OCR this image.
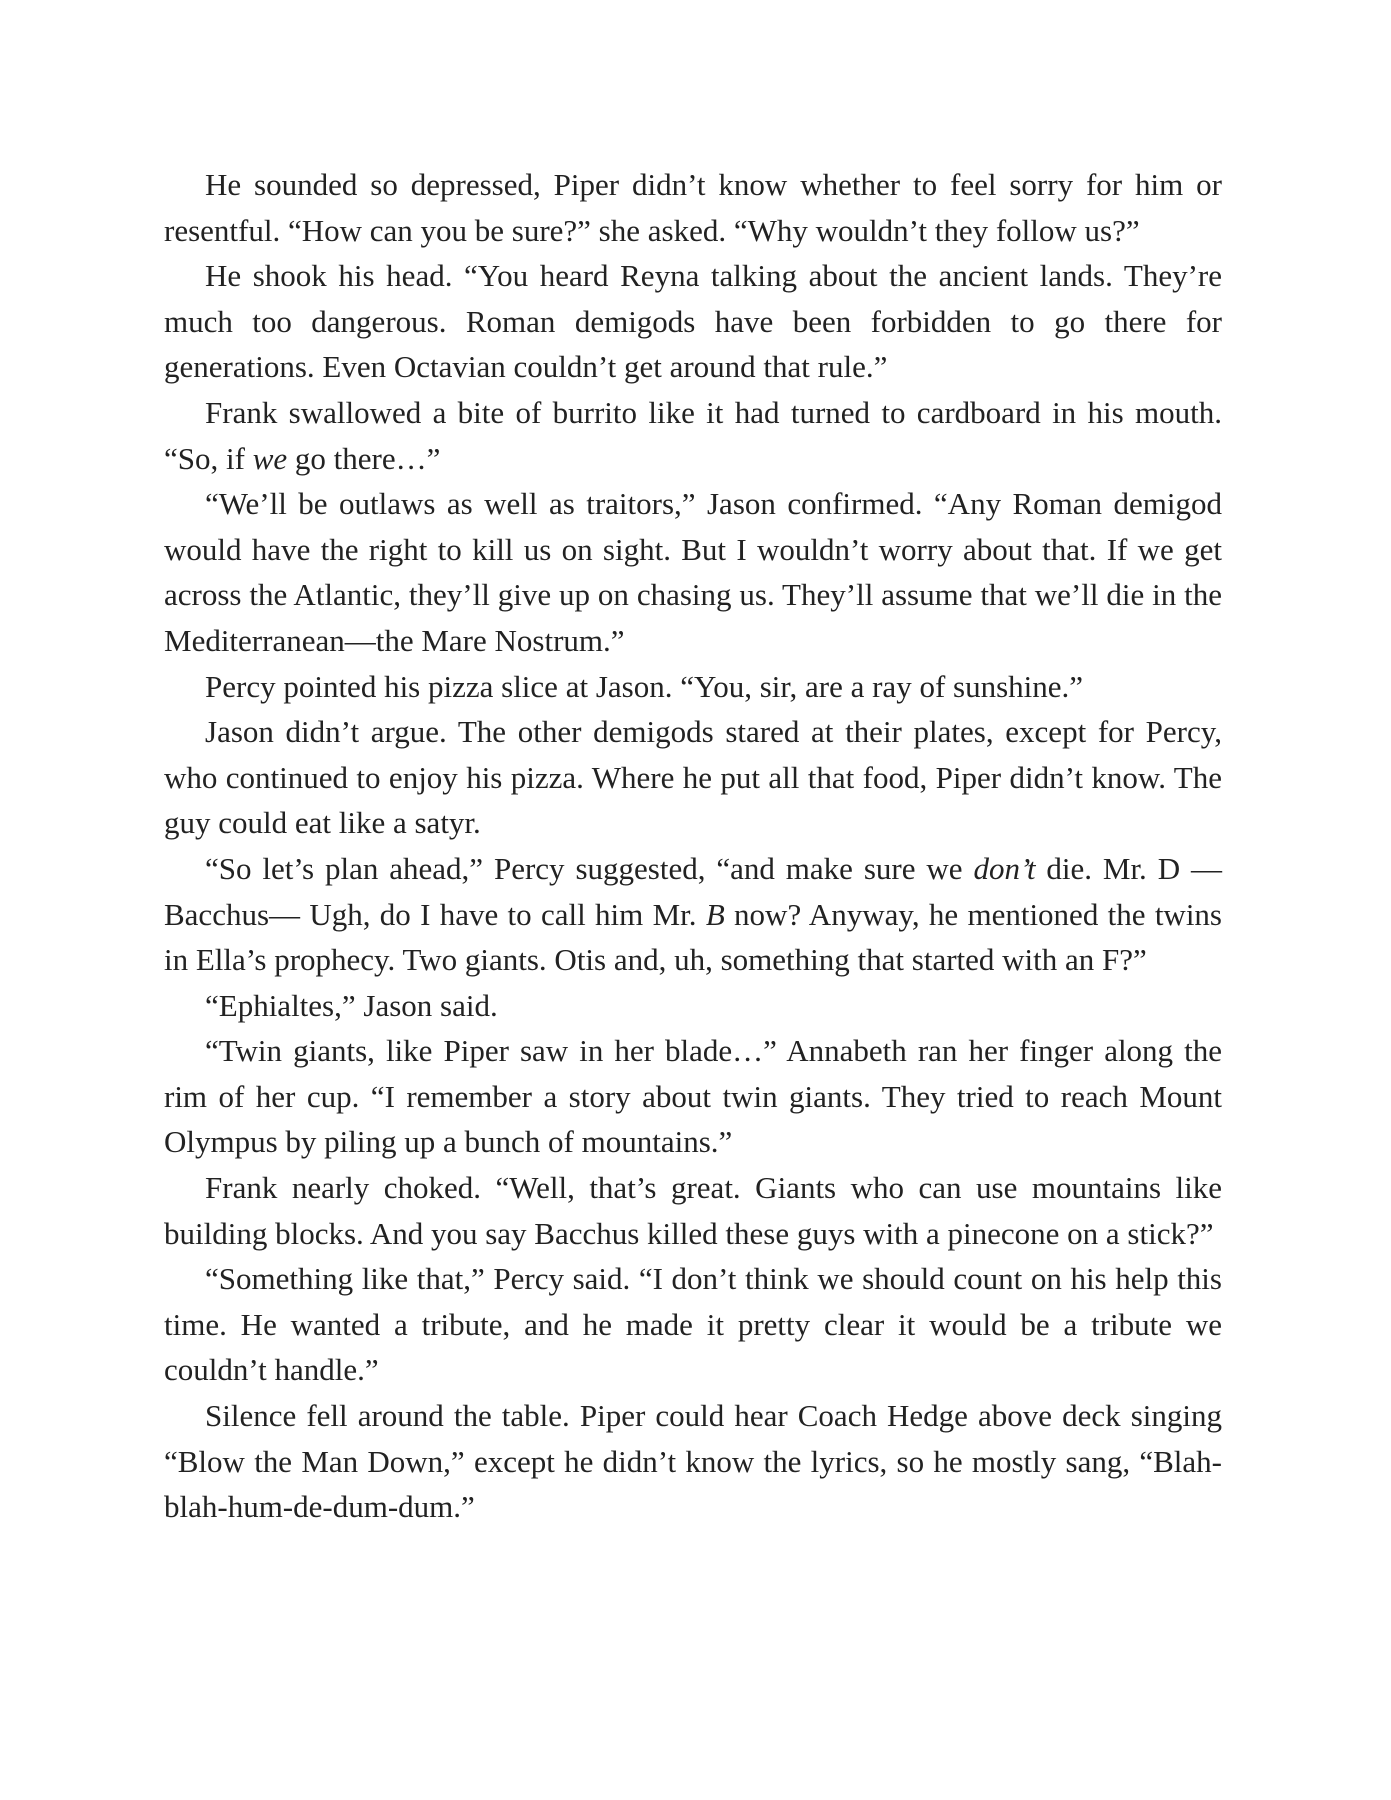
He sounded so depressed, Piper didn’t know whether to feel sorry for him or resentful. “How can you be sure?” she asked. “Why wouldn’t they follow us?”

He shook his head. “You heard Reyna talking about the ancient lands. They’re much too dangerous. Roman demigods have been forbidden to go there for generations. Even Octavian couldn’t get around that rule.”

Frank swallowed a bite of burrito like it had turned to cardboard in his mouth. “So, if we go there…”

“We’ll be outlaws as well as traitors,” Jason confirmed. “Any Roman demigod would have the right to kill us on sight. But I wouldn’t worry about that. If we get across the Atlantic, they’ll give up on chasing us. They’ll assume that we’ll die in the Mediterranean—the Mare Nostrum.”

Percy pointed his pizza slice at Jason. “You, sir, are a ray of sunshine.”

Jason didn’t argue. The other demigods stared at their plates, except for Percy, who continued to enjoy his pizza. Where he put all that food, Piper didn’t know. The guy could eat like a satyr.

“So let’s plan ahead,” Percy suggested, “and make sure we don’t die. Mr. D —Bacchus— Ugh, do I have to call him Mr. B now? Anyway, he mentioned the twins in Ella’s prophecy. Two giants. Otis and, uh, something that started with an F?”

“Ephialtes,” Jason said.

“Twin giants, like Piper saw in her blade…” Annabeth ran her finger along the rim of her cup. “I remember a story about twin giants. They tried to reach Mount Olympus by piling up a bunch of mountains.”

Frank nearly choked. “Well, that’s great. Giants who can use mountains like building blocks. And you say Bacchus killed these guys with a pinecone on a stick?”

“Something like that,” Percy said. “I don’t think we should count on his help this time. He wanted a tribute, and he made it pretty clear it would be a tribute we couldn’t handle.”

Silence fell around the table. Piper could hear Coach Hedge above deck singing “Blow the Man Down,” except he didn’t know the lyrics, so he mostly sang, “Blah-blah-hum-de-dum-dum.”
